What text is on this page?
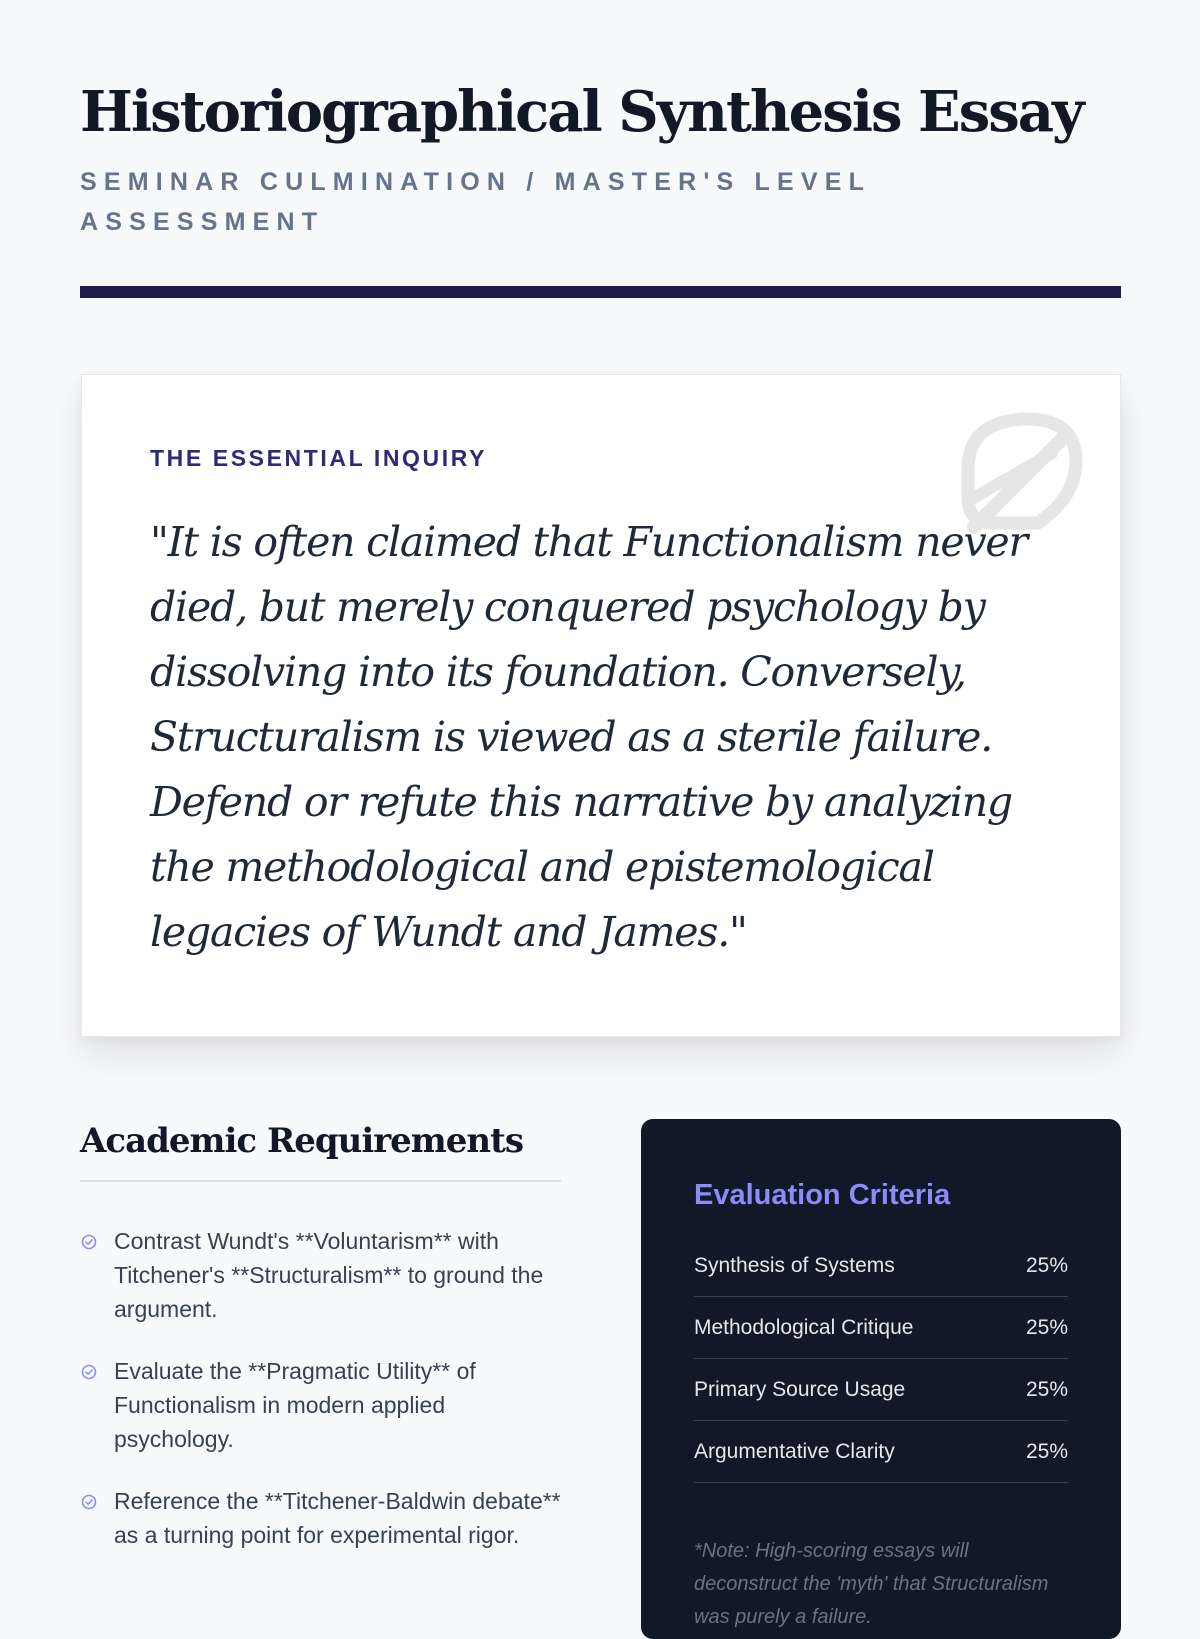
Historiographical Synthesis Essay
SEMINAR CULMINATION / MASTER'S LEVEL ASSESSMENT
THE ESSENTIAL INQUIRY

"It is often claimed that Functionalism never died, but merely conquered psychology by dissolving into its foundation. Conversely, Structuralism is viewed as a sterile failure. Defend or refute this narrative by analyzing the methodological and epistemological legacies of Wundt and James."

Academic Requirements
Contrast Wundt's **Voluntarism** with Titchener's **Structuralism** to ground the argument.
Evaluate the **Pragmatic Utility** of Functionalism in modern applied psychology.
Reference the **Titchener-Baldwin debate** as a turning point for experimental rigor.
Evaluation Criteria
Synthesis of Systems	25%
Methodological Critique	25%
Primary Source Usage	25%
Argumentative Clarity	25%

*Note: High-scoring essays will deconstruct the 'myth' that Structuralism was purely a failure.
